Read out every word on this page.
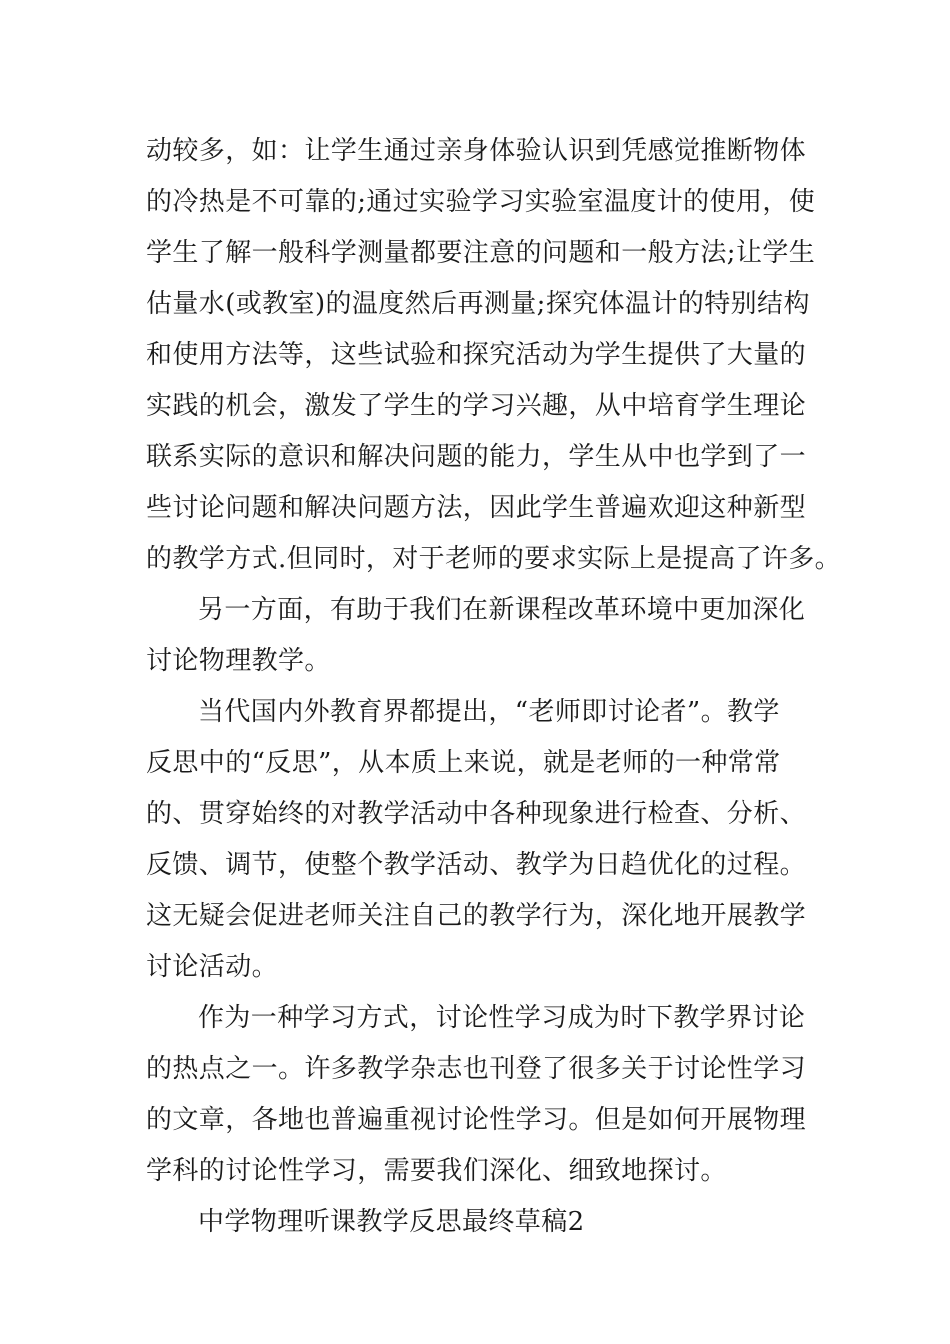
动较多，如：让学生通过亲身体验认识到凭感觉推断物体
的冷热是不可靠的;通过实验学习实验室温度计的使用，使
学生了解一般科学测量都要注意的问题和一般方法;让学生
估量水(或教室)的温度然后再测量;探究体温计的特别结构
和使用方法等，这些试验和探究活动为学生提供了大量的
实践的机会，激发了学生的学习兴趣，从中培育学生理论
联系实际的意识和解决问题的能力，学生从中也学到了一
些讨论问题和解决问题方法，因此学生普遍欢迎这种新型
的教学方式.但同时，对于老师的要求实际上是提高了许多。
另一方面，有助于我们在新课程改革环境中更加深化
讨论物理教学。
当代国内外教育界都提出，“老师即讨论者”。教学
反思中的“反思”，从本质上来说，就是老师的一种常常
的、贯穿始终的对教学活动中各种现象进行检查、分析、
反馈、调节，使整个教学活动、教学为日趋优化的过程。
这无疑会促进老师关注自己的教学行为，深化地开展教学
讨论活动。
作为一种学习方式，讨论性学习成为时下教学界讨论
的热点之一。许多教学杂志也刊登了很多关于讨论性学习
的文章，各地也普遍重视讨论性学习。但是如何开展物理
学科的讨论性学习，需要我们深化、细致地探讨。
中学物理听课教学反思最终草稿2
